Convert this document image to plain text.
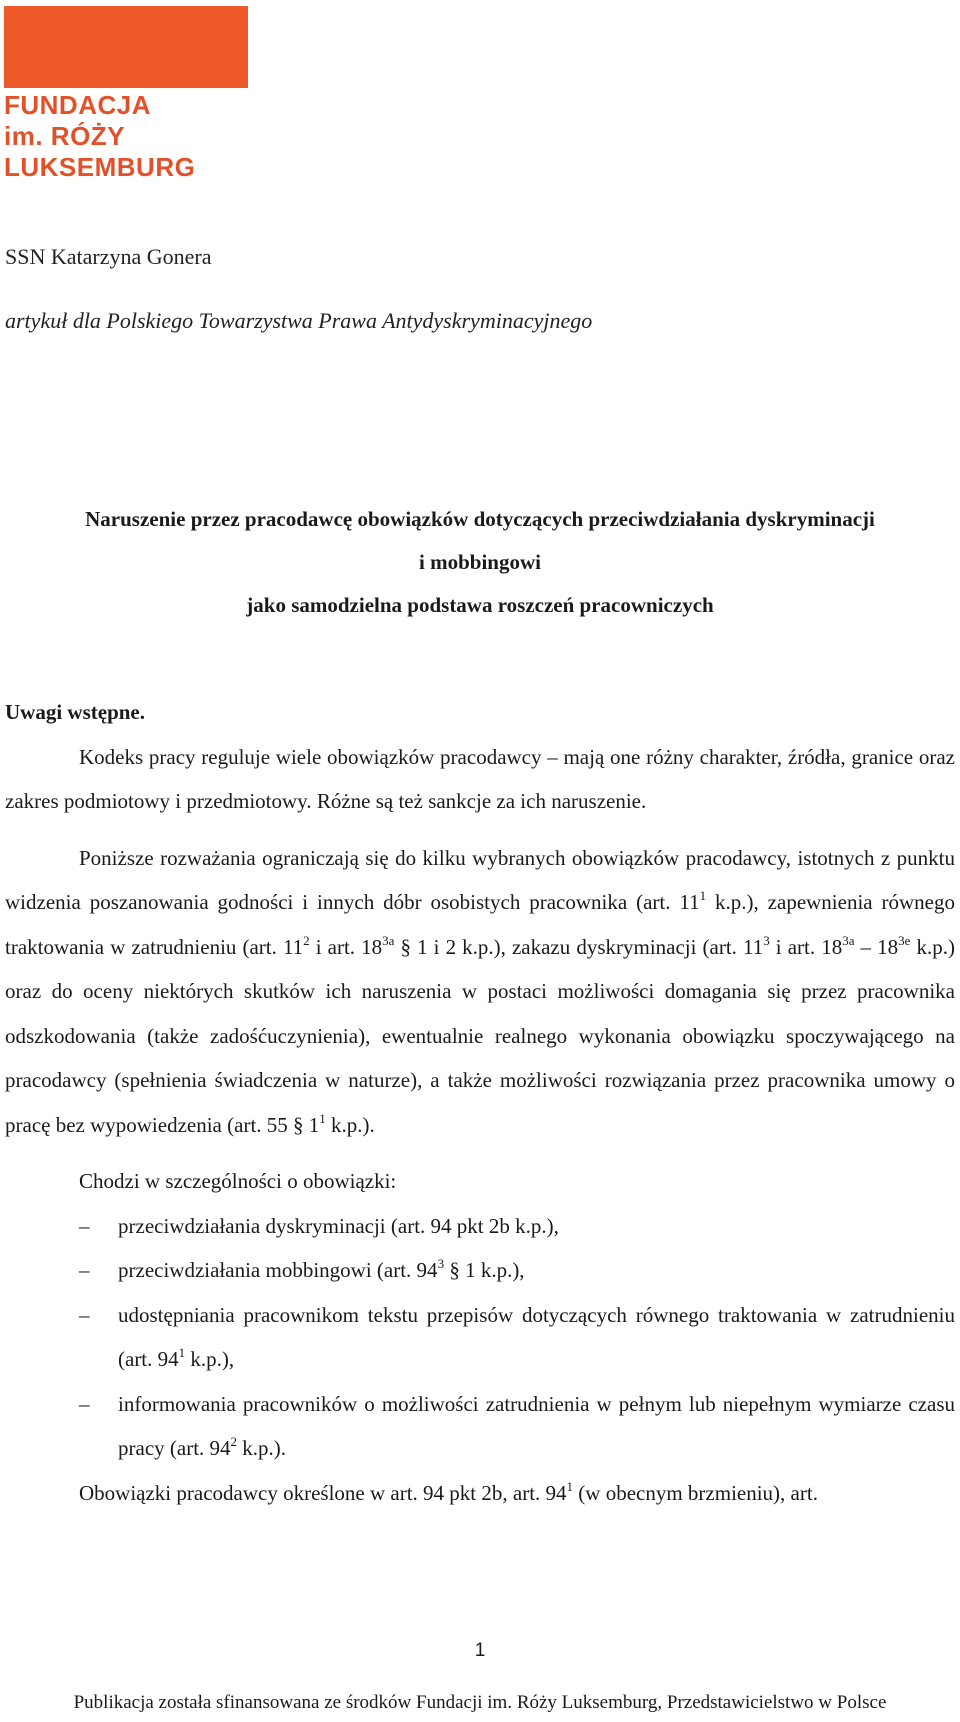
FUNDACJA
im. RÓŻY
LUKSEMBURG
SSN Katarzyna Gonera
artykuł dla Polskiego Towarzystwa Prawa Antydyskryminacyjnego
Naruszenie przez pracodawcę obowiązków dotyczących przeciwdziałania dyskryminacji
i mobbingowi
jako samodzielna podstawa roszczeń pracowniczych

Uwagi wstępne.

Kodeks pracy reguluje wiele obowiązków pracodawcy – mają one różny charakter, źródła, granice oraz zakres podmiotowy i przedmiotowy. Różne są też sankcje za ich naruszenie.

Poniższe rozważania ograniczają się do kilku wybranych obowiązków pracodawcy, istotnych z punktu widzenia poszanowania godności i innych dóbr osobistych pracownika (art. $11^1$ k.p.), zapewnienia równego traktowania w zatrudnieniu (art. $11^2$ i art. $18^{3a}$ § 1 i 2 k.p.), zakazu dyskryminacji (art. $11^3$ i art. $18^{3a} - 18^{3e}$ k.p.) oraz do oceny niektórych skutków ich naruszenia w postaci możliwości domagania się przez pracownika odszkodowania (także zadośćuczynienia), ewentualnie realnego wykonania obowiązku spoczywającego na pracodawcy (spełnienia świadczenia w naturze), a także możliwości rozwiązania przez pracownika umowy o pracę bez wypowiedzenia (art. 55 § $1^1$ k.p.).

Chodzi w szczególności o obowiązki:

– przeciwdziałania dyskryminacji (art. 94 pkt 2b k.p.),
– przeciwdziałania mobbingowi (art. $94^3$ § 1 k.p.),
– udostępniania pracownikom tekstu przepisów dotyczących równego traktowania w zatrudnieniu (art. $94^1$ k.p.),
– informowania pracowników o możliwości zatrudnienia w pełnym lub niepełnym wymiarze czasu pracy (art. $94^2$ k.p.).

Obowiązki pracodawcy określone w art. 94 pkt 2b, art. $94^1$ (w obecnym brzmieniu), art.

1
Publikacja została sfinansowana ze środków Fundacji im. Róży Luksemburg, Przedstawicielstwo w Polsce
